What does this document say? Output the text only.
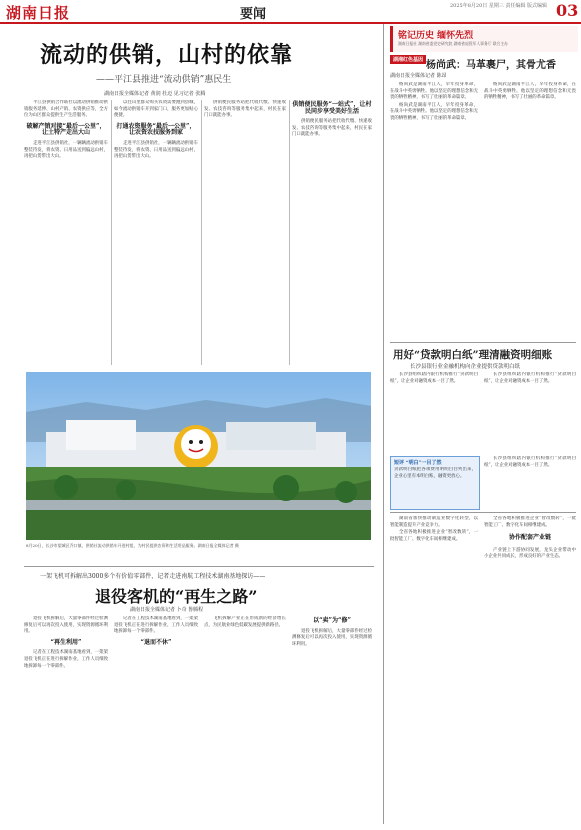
湖南日报	要闻
2025年8月20日 星期三 责任编辑 版式编辑 03
流动的供销，山村的依靠
——平江县推进“流动供销”惠民生
湖南日报全媒体记者 黄润 杜迈 见习记者 张腾

平江县供销合作联社以流动供销推动供销服务延伸、山村产销、农资供应等，全方位为山区群众提供生产生活服务。

破解产销对接“最后一公里”，让土特产走出大山

走进平江县供销社，一辆辆流动供销车整装待发，将农资、日用品送到偏远山村，再把山货带出大山。

以往山里群众购买农资需要跑到县城，如今流动供销车开到家门口，服务更加贴心便捷。

打通农资服务“最后一公里”，让农资农技服务到家

走进平江县供销社，一辆辆流动供销车整装待发，将农资、日用品送到偏远山村，再把山货带出大山。

供销便民服务站把代收代缴、快递收发、农技咨询等服务集中起来，村民在家门口就能办事。

供销便民服务“一站式”，让村民同步享受美好生活

供销便民服务站把代收代缴、快递收发、农技咨询等服务集中起来，村民在家门口就能办事。

8月20日，长沙市望城区乔口镇，供销社流动供销车开进村组，为村民提供农资和生活用品服务。湖南日报全媒体记者 摄
一架飞机可拆解出3000多个有价值零部件，记者走进南航工程技术湖南基地探访——
退役客机的“再生之路”
湖南日报全媒体记者 卜奇 鲁腾程

退役飞机拆解后，大量零部件经过检测修复后可以再次投入使用，实现资源循环利用。

“再生利用”

记者在工程技术湖南基地看到，一架架退役飞机正在进行拆解作业，工作人员细致地拆卸每一个零部件。

记者在工程技术湖南基地看到，一架架退役飞机正在进行拆解作业，工作人员细致地拆卸每一个零部件。

“退而不休”

飞机拆解产业正在形成新的经济增长点，为民航业绿色低碳发展提供新路径。

以“卖”为“修”

退役飞机拆解后，大量零部件经过检测修复后可以再次投入使用，实现资源循环利用。

铭记历史 缅怀先烈
湖南日报社 湖南省委党史研究院 湖南省退役军人事务厅 联合主办
湖湘红色基因 杨尚武：马革裹尸，其骨尤香
湖南日报全媒体记者 陈昂

杨尚武是湖南平江人，早年投身革命，在战斗中英勇牺牲。他以坚定的理想信念和无畏的牺牲精神，书写了壮丽的革命篇章。

杨尚武是湖南平江人，早年投身革命，在战斗中英勇牺牲。他以坚定的理想信念和无畏的牺牲精神，书写了壮丽的革命篇章。

杨尚武是湖南平江人，早年投身革命，在战斗中英勇牺牲。他以坚定的理想信念和无畏的牺牲精神，书写了壮丽的革命篇章。

用好“贷款明白纸”理清融资明细账
长沙县银行业金融机构向企业提供贷款明白纸

长沙县组织辖内银行机构推行“贷款明白纸”，让企业对融资成本一目了然。

长沙县组织辖内银行机构推行“贷款明白纸”，让企业对融资成本一目了然。

短评 “明白”一目了然
贷款明白纸把各项费用明明白白列出来，企业心里有本明白账，融资更放心。

长沙县组织辖内银行机构推行“贷款明白纸”，让企业对融资成本一目了然。

湖南省加快推动制造业数字化转型，以智能制造提升产业竞争力。

全省各地积极推进企业“智改数转”，一批智能工厂、数字化车间相继建成。

全省各地积极推进企业“智改数转”，一批智能工厂、数字化车间相继建成。

协作配套产业链

产业链上下游协同发展，龙头企业带动中小企业共同成长，形成良好的产业生态。
